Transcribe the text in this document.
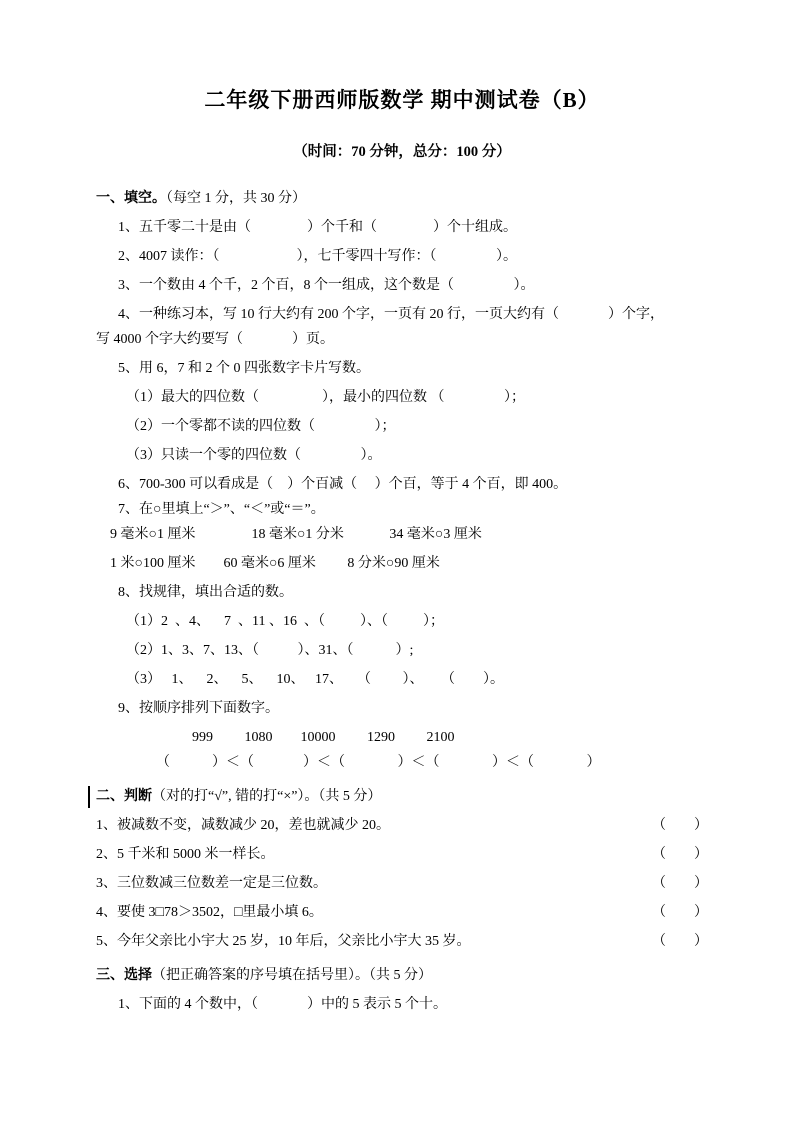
二年级下册西师版数学 期中测试卷（B）
（时间：70 分钟，总分：100 分）
一、填空。（每空 1 分，共 30 分）
1、五千零二十是由（                ）个千和（                ）个十组成。
2、4007 读作：（                      ），七千零四十写作：（                 ）。
3、一个数由 4 个千，2 个百，8 个一组成，这个数是（                 ）。
4、一种练习本，写 10 行大约有 200 个字，一页有 20 行，一页大约有（              ）个字，
写 4000 个字大约要写（              ）页。
5、用 6，7 和 2 个 0 四张数字卡片写数。
（1）最大的四位数（                  ），最小的四位数 （                 ）；
（2）一个零都不读的四位数（                 ）；
（3）只读一个零的四位数（                 ）。
6、700-300 可以看成是（    ）个百减（     ）个百，等于 4 个百，即 400。
7、在○里填上“＞”、“＜”或“＝”。
9 毫米○1 厘米                18 毫米○1 分米             34 毫米○3 厘米
1 米○100 厘米        60 毫米○6 厘米         8 分米○90 厘米
8、找规律，填出合适的数。
（1）2  、4、    7  、11 、16  、（          ）、（          ）；
（2）1、3、7、13、（           ）、31、（            ）;
（3）   1、    2、    5、    10、   17、    （         ）、     （        ）。
9、按顺序排列下面数字。
999         1080        10000         1290         2100
（            ）＜（              ）＜（               ）＜（               ）＜（               ）
二、判断（对的打“√”, 错的打“×”）。（共 5 分）
1、被减数不变，减数减少 20，差也就减少 20。	（        ）
2、5 千米和 5000 米一样长。	（        ）
3、三位数减三位数差一定是三位数。	（        ）
4、要使 3□78＞3502，□里最小填 6。	（        ）
5、今年父亲比小宇大 25 岁，10 年后，父亲比小宇大 35 岁。	（        ）
三、选择（把正确答案的序号填在括号里）。（共 5 分）
1、下面的 4 个数中，（              ）中的 5 表示 5 个十。
